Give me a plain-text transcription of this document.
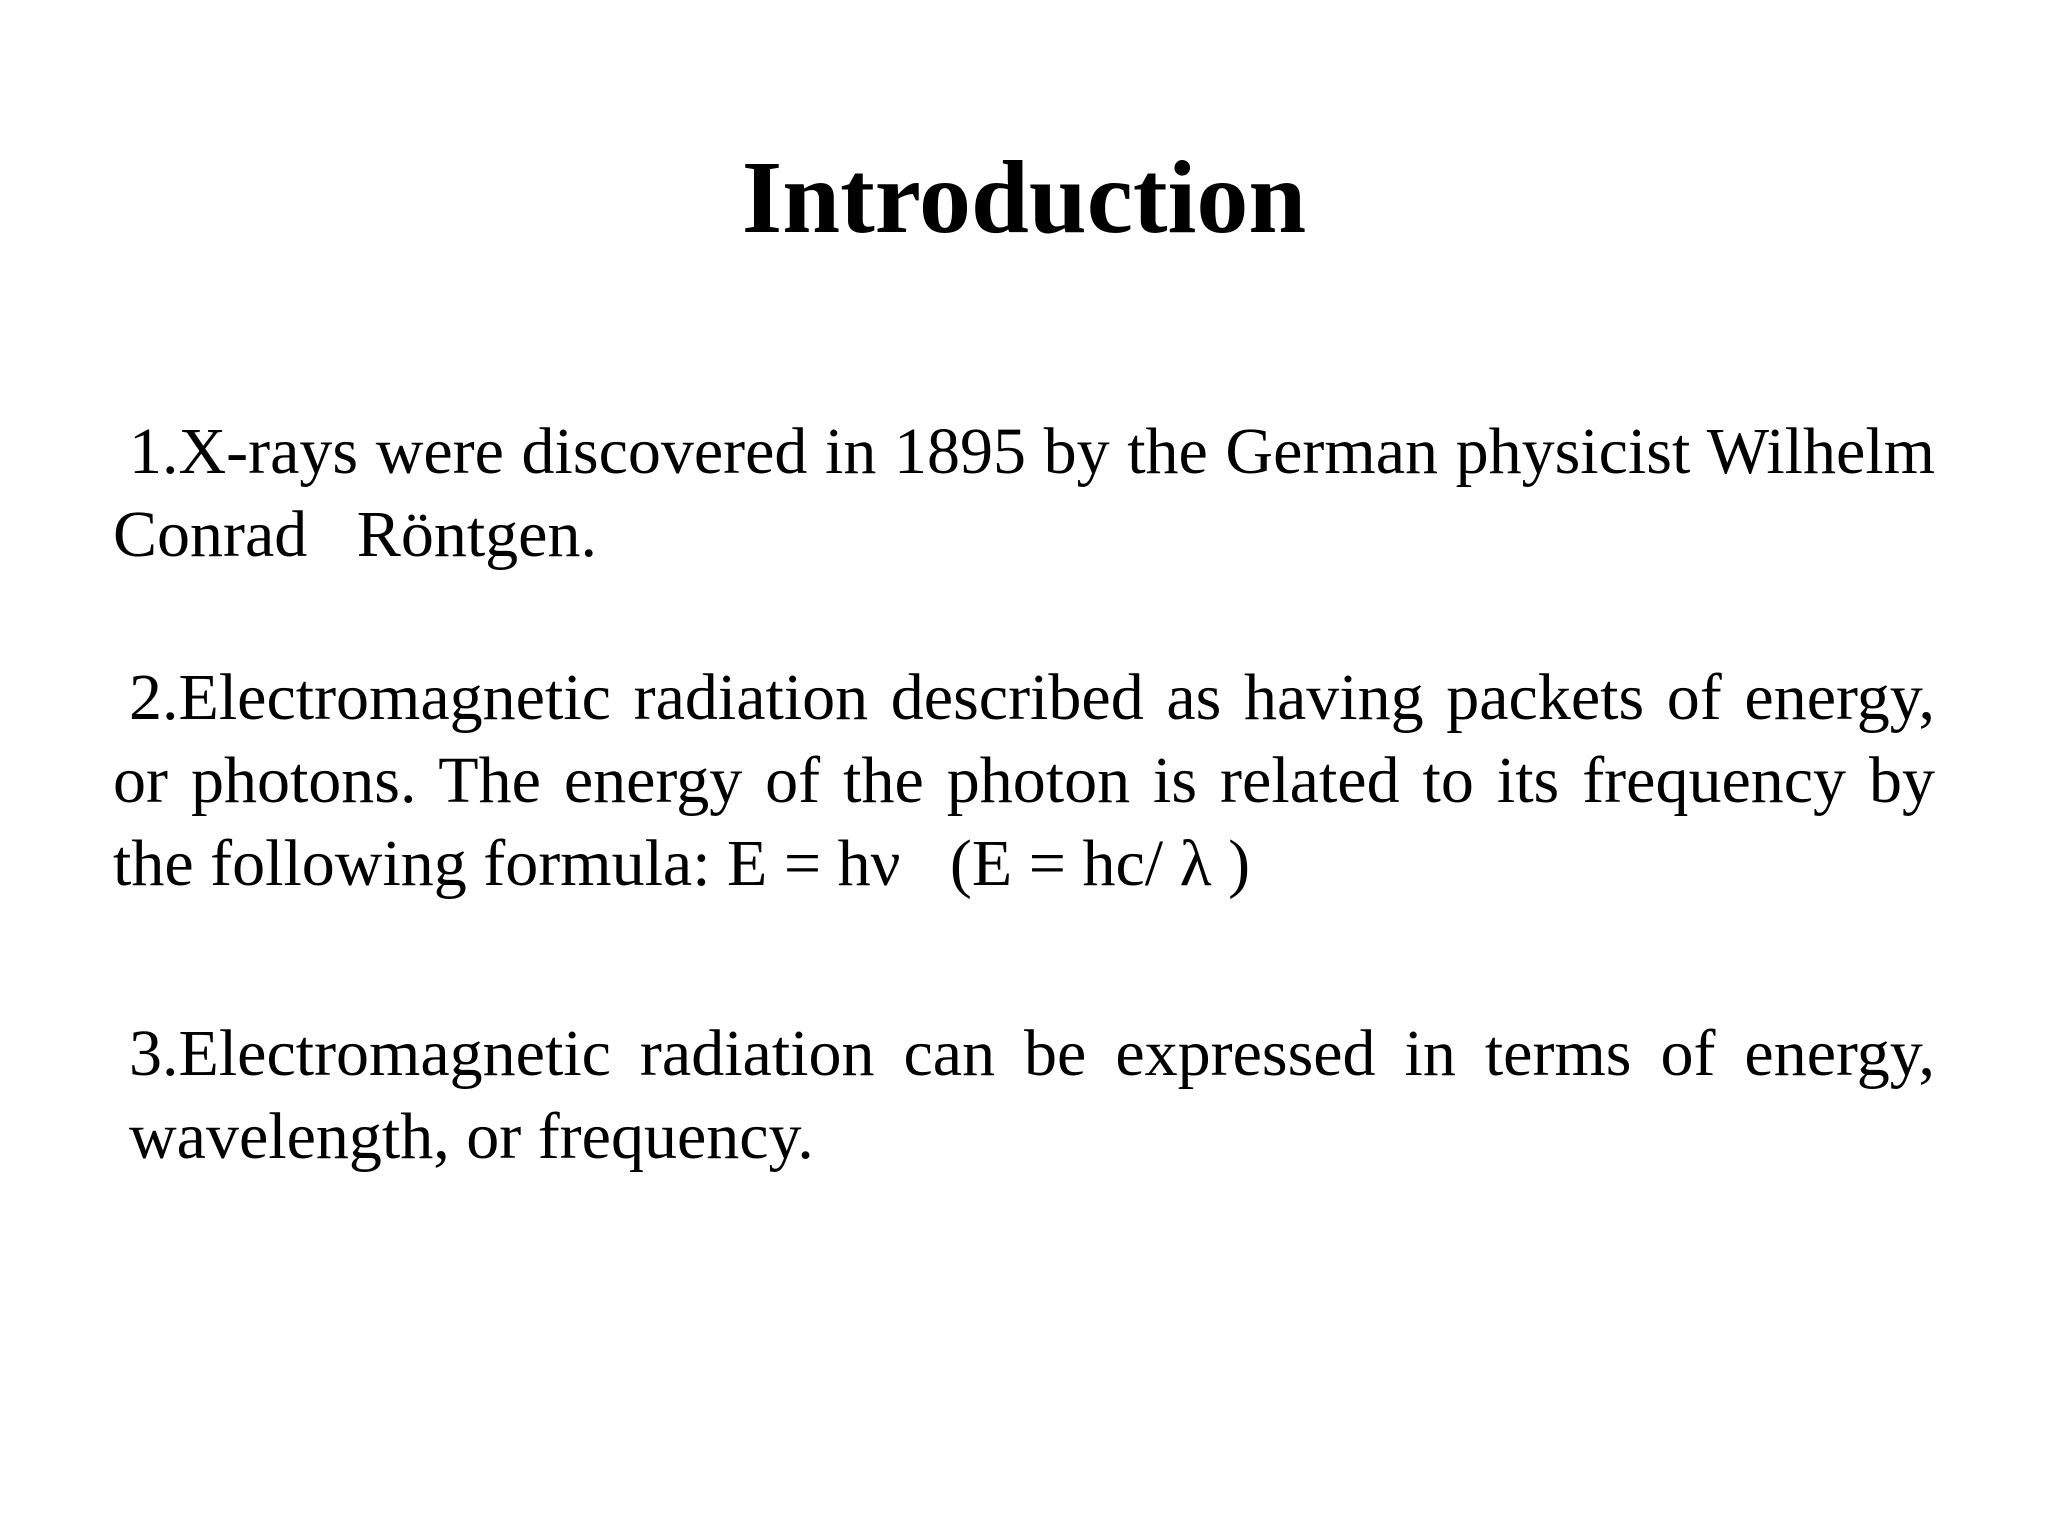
Introduction

1.X-rays were discovered in 1895 by the German physicist Wilhelm Conrad   Röntgen.

2.Electromagnetic radiation described as having packets of energy, or photons. The energy of the photon is related to its frequency by the following formula: E = hν   (E = hc/ λ )

3.Electromagnetic radiation can be expressed in terms of energy, wavelength, or frequency.
